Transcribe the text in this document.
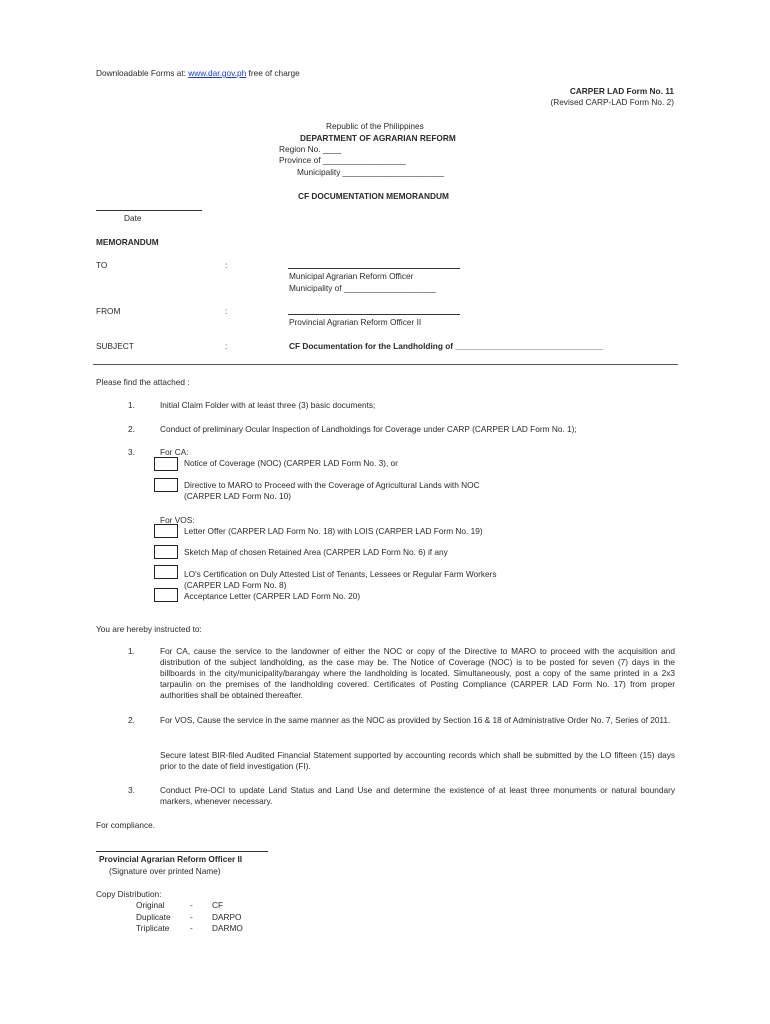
Downloadable Forms at: www.dar.gov.ph free of charge
CARPER LAD Form No. 11
(Revised CARP-LAD Form No. 2)
Republic of the Philippines
DEPARTMENT OF AGRARIAN REFORM
Region No. ____
Province of __________________
Municipality ______________________
CF DOCUMENTATION MEMORANDUM
Date
MEMORANDUM
TO	:
Municipal Agrarian Reform Officer
Municipality of ____________________
FROM	:
Provincial Agrarian Reform Officer II
SUBJECT	:	CF Documentation for the Landholding of ________________________________
Please find the attached :
1.	Initial Claim Folder with at least three (3) basic documents;
2.	Conduct of preliminary Ocular Inspection of Landholdings for Coverage under CARP (CARPER LAD Form No. 1);
3.	For CA:
Notice of Coverage (NOC) (CARPER LAD Form No. 3), or
Directive to MARO to Proceed with the Coverage of Agricultural Lands with NOC
(CARPER LAD Form No. 10)
For VOS:
Letter Offer (CARPER LAD Form No. 18) with LOIS (CARPER LAD Form No. 19)
Sketch Map of chosen Retained Area (CARPER LAD Form No. 6) if any
LO's Certification on Duly Attested List of Tenants, Lessees or Regular Farm Workers
(CARPER LAD Form No. 8)
Acceptance Letter (CARPER LAD Form No. 20)
You are hereby instructed to:
1.	For CA, cause the service to the landowner of either the NOC or copy of the Directive to MARO to proceed with the acquisition and distribution of the subject landholding, as the case may be. The Notice of Coverage (NOC) is to be posted for seven (7) days in the billboards in the city/municipality/barangay where the landholding is located. Simultaneously, post a copy of the same printed in a 2x3 tarpaulin on the premises of the landholding covered. Certificates of Posting Compliance (CARPER LAD Form No. 17) from proper authorities shall be obtained thereafter.
2.	For VOS, Cause the service in the same manner as the NOC as provided by Section 16 & 18 of Administrative Order No. 7, Series of 2011.
Secure latest BIR-filed Audited Financial Statement supported by accounting records which shall be submitted by the LO fifteen (15) days prior to the date of field investigation (FI).
3.	Conduct Pre-OCI to update Land Status and Land Use and determine the existence of at least three monuments or natural boundary markers, whenever necessary.
For compliance.
Provincial Agrarian Reform Officer II
(Signature over printed Name)
Copy Distribution:
Original	- CF
Duplicate - DARPO
Triplicate - DARMO
